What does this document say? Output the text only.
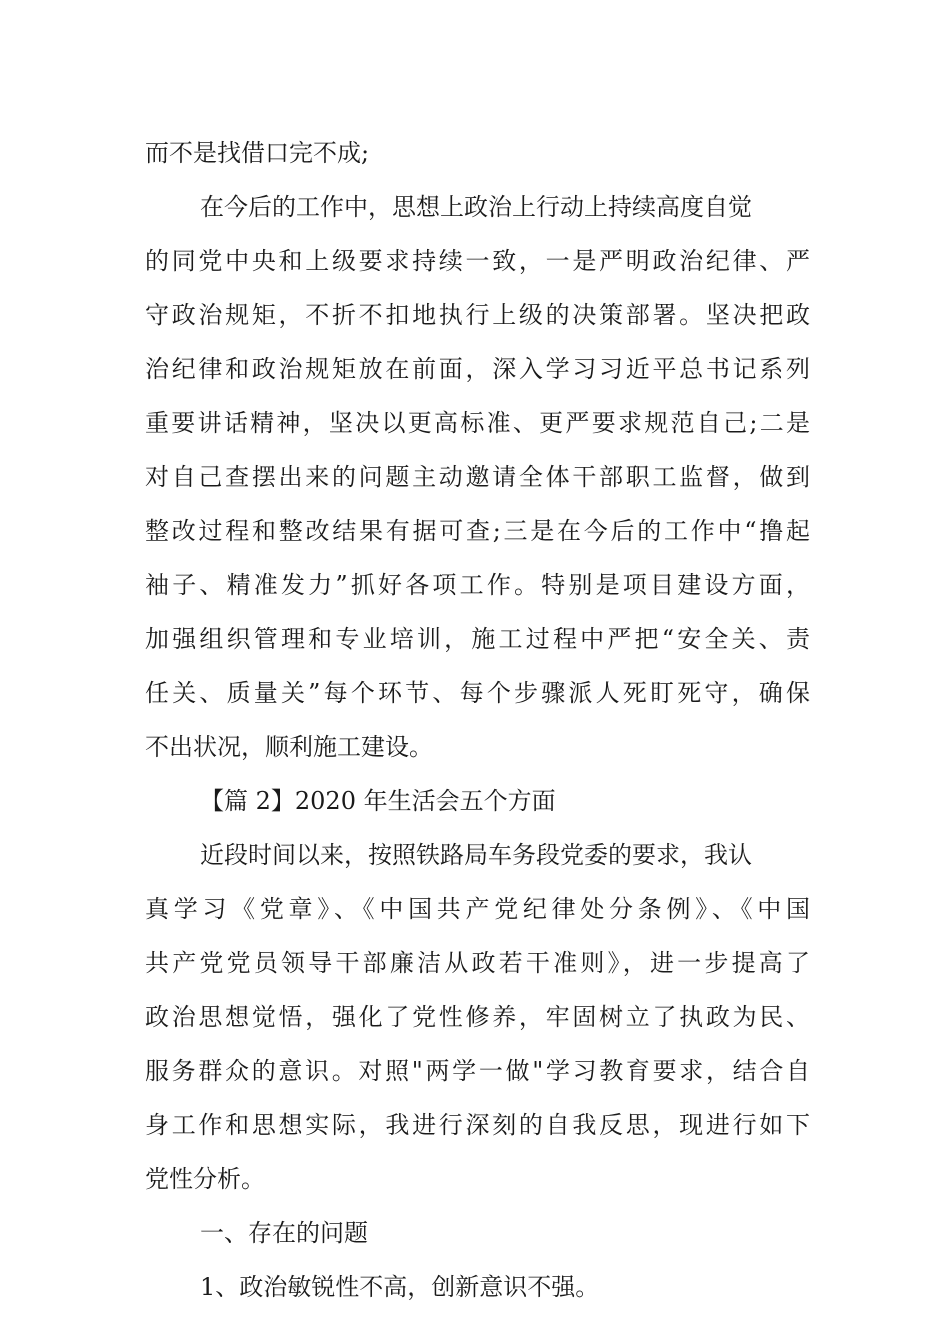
而不是找借口完不成;
在今后的工作中，思想上政治上行动上持续高度自觉
的同党中央和上级要求持续一致，一是严明政治纪律、严
守政治规矩，不折不扣地执行上级的决策部署。坚决把政
治纪律和政治规矩放在前面，深入学习习近平总书记系列
重要讲话精神，坚决以更高标准、更严要求规范自己;二是
对自己查摆出来的问题主动邀请全体干部职工监督，做到
整改过程和整改结果有据可查;三是在今后的工作中“撸起
袖子、精准发力”抓好各项工作。特别是项目建设方面，
加强组织管理和专业培训，施工过程中严把“安全关、责
任关、质量关”每个环节、每个步骤派人死盯死守，确保
不出状况，顺利施工建设。
【篇 2】2020 年生活会五个方面
近段时间以来，按照铁路局车务段党委的要求，我认
真学习《党章》、《中国共产党纪律处分条例》、《中国
共产党党员领导干部廉洁从政若干准则》，进一步提高了
政治思想觉悟，强化了党性修养，牢固树立了执政为民、
服务群众的意识。对照"两学一做"学习教育要求，结合自
身工作和思想实际，我进行深刻的自我反思，现进行如下
党性分析。
一、存在的问题
1、政治敏锐性不高，创新意识不强。
